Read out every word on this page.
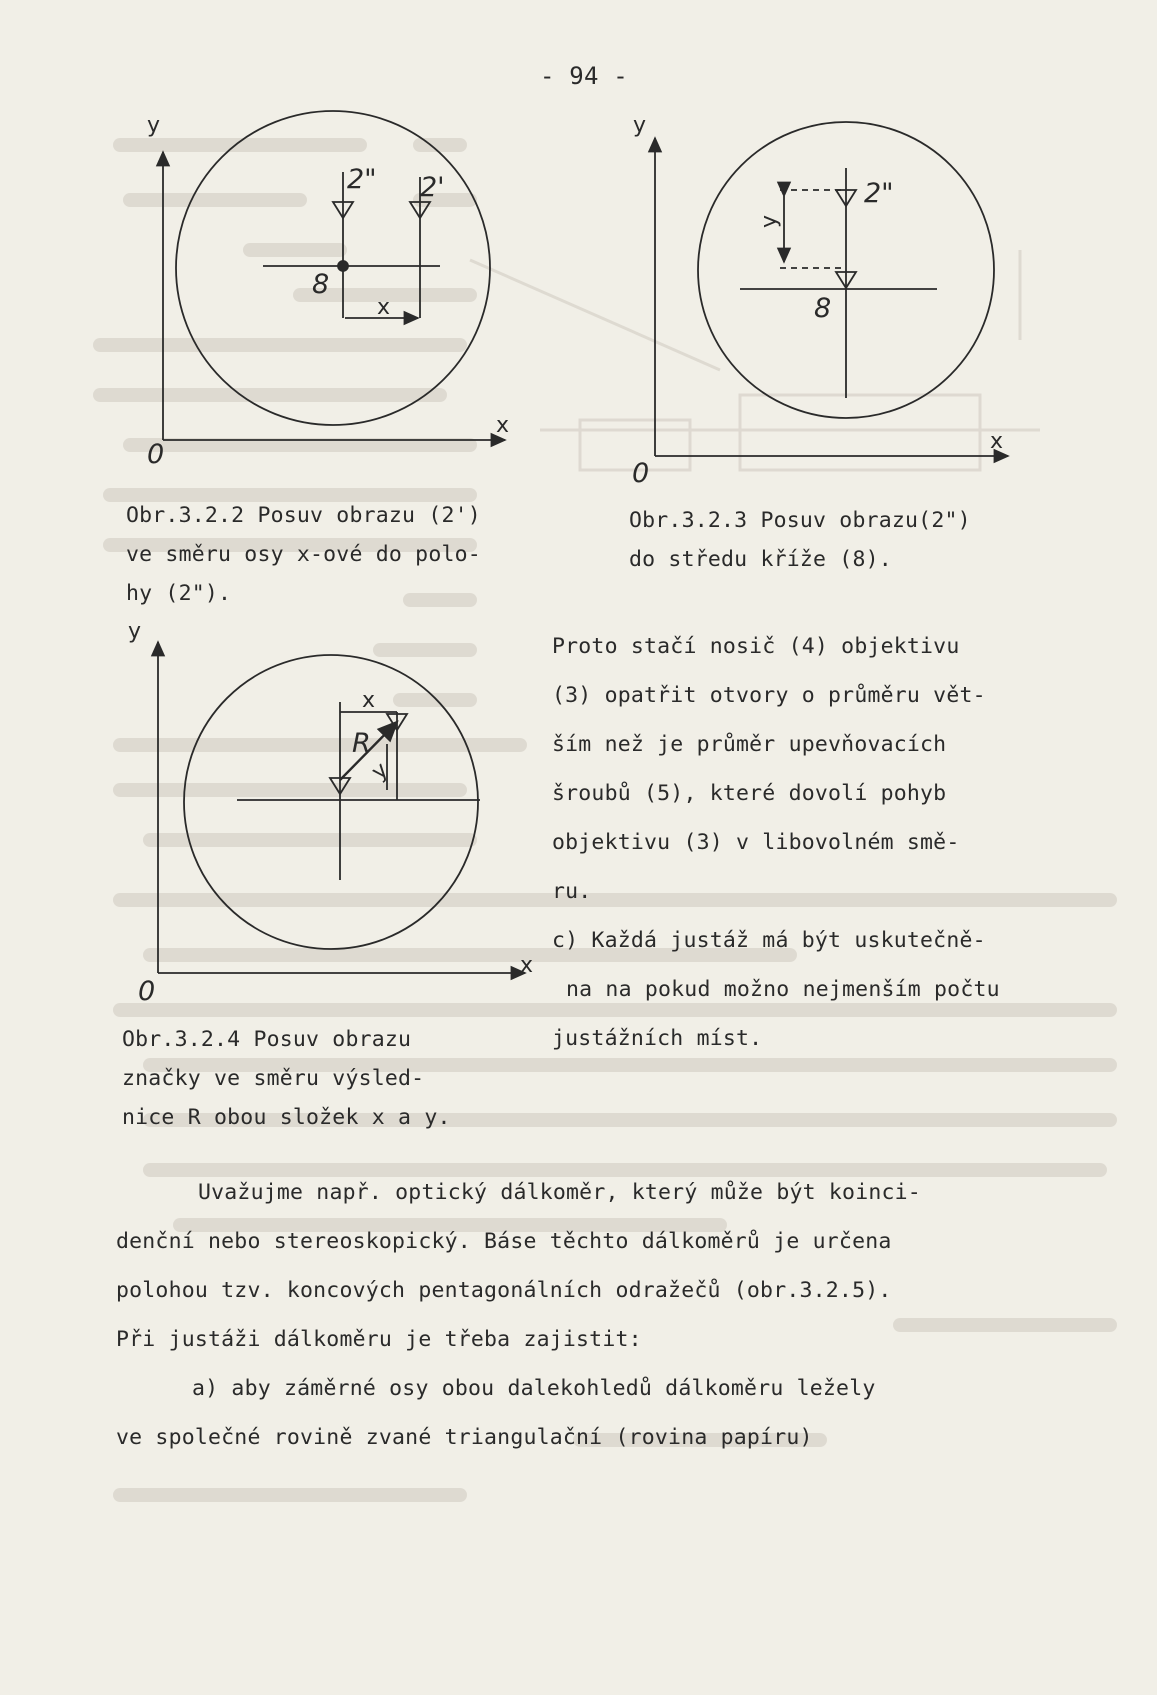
- 94 -
y
x
0
2" 2'
8
x
y
x
0
2"
8
y
y
x
0
x
R
y
Obr.3.2.2 Posuv obrazu (2')
ve směru osy x-ové do polo-
hy (2").
Obr.3.2.3 Posuv obrazu(2")
do středu kříže (8).
Obr.3.2.4 Posuv obrazu
značky ve směru výsled-
nice R obou složek x a y.
Proto stačí nosič (4) objektivu
(3) opatřit otvory o průměru vět-
ším než je průměr upevňovacích
šroubů (5), které dovolí pohyb
objektivu (3) v libovolném smě-
ru.
c) Každá justáž má být uskutečně-
na na pokud možno nejmenším počtu
justážních míst.
Uvažujme např. optický dálkoměr, který může být koinci-
denční nebo stereoskopický. Báse těchto dálkoměrů je určena
polohou tzv. koncových pentagonálních odražečů (obr.3.2.5).
Při justáži dálkoměru je třeba zajistit:
a) aby záměrné osy obou dalekohledů dálkoměru ležely
ve společné rovině zvané triangulační (rovina papíru)
